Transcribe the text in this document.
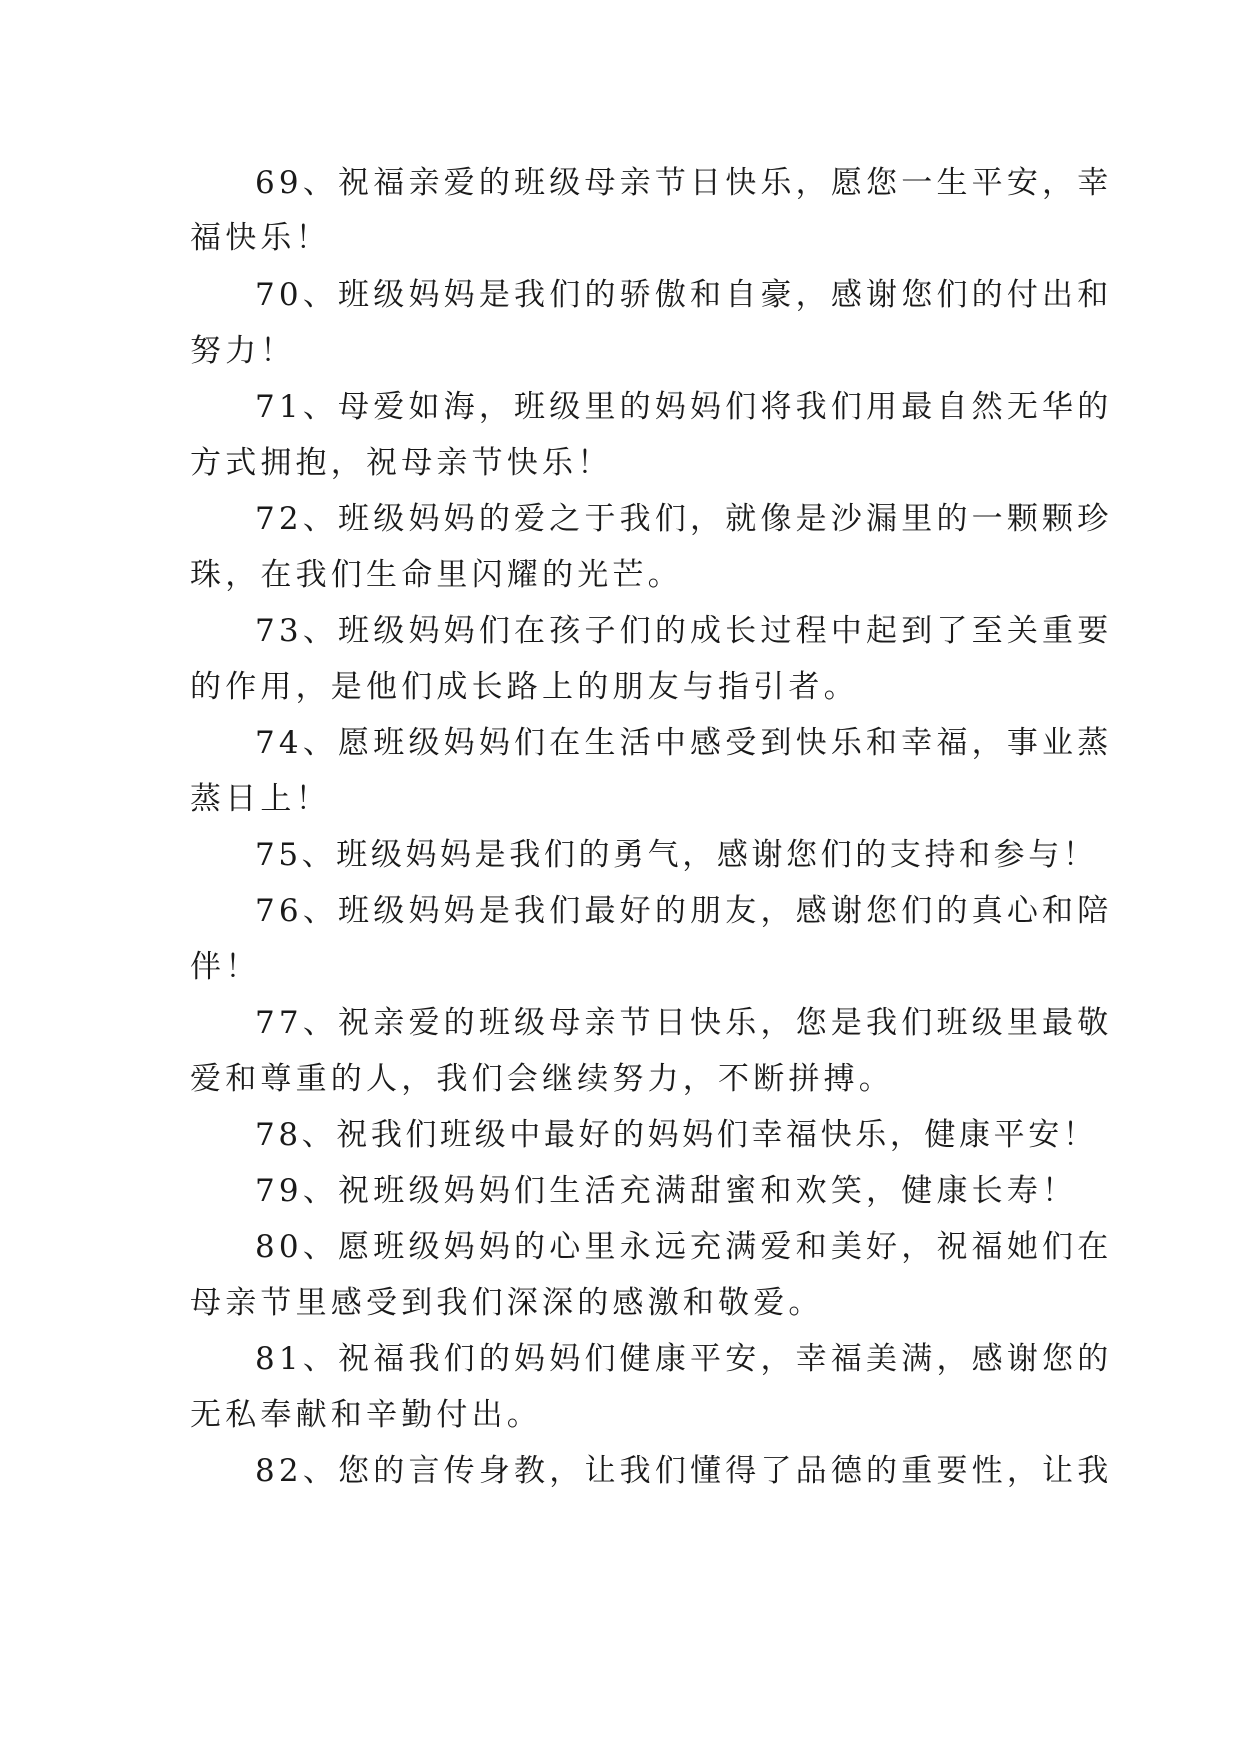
69、祝福亲爱的班级母亲节日快乐，愿您一生平安，幸

福快乐！

70、班级妈妈是我们的骄傲和自豪，感谢您们的付出和

努力！

71、母爱如海，班级里的妈妈们将我们用最自然无华的

方式拥抱，祝母亲节快乐！

72、班级妈妈的爱之于我们，就像是沙漏里的一颗颗珍

珠，在我们生命里闪耀的光芒。

73、班级妈妈们在孩子们的成长过程中起到了至关重要

的作用，是他们成长路上的朋友与指引者。

74、愿班级妈妈们在生活中感受到快乐和幸福，事业蒸

蒸日上！

75、班级妈妈是我们的勇气，感谢您们的支持和参与！

76、班级妈妈是我们最好的朋友，感谢您们的真心和陪

伴！

77、祝亲爱的班级母亲节日快乐，您是我们班级里最敬

爱和尊重的人，我们会继续努力，不断拼搏。

78、祝我们班级中最好的妈妈们幸福快乐，健康平安！

79、祝班级妈妈们生活充满甜蜜和欢笑，健康长寿！

80、愿班级妈妈的心里永远充满爱和美好，祝福她们在

母亲节里感受到我们深深的感激和敬爱。

81、祝福我们的妈妈们健康平安，幸福美满，感谢您的

无私奉献和辛勤付出。

82、您的言传身教，让我们懂得了品德的重要性，让我
